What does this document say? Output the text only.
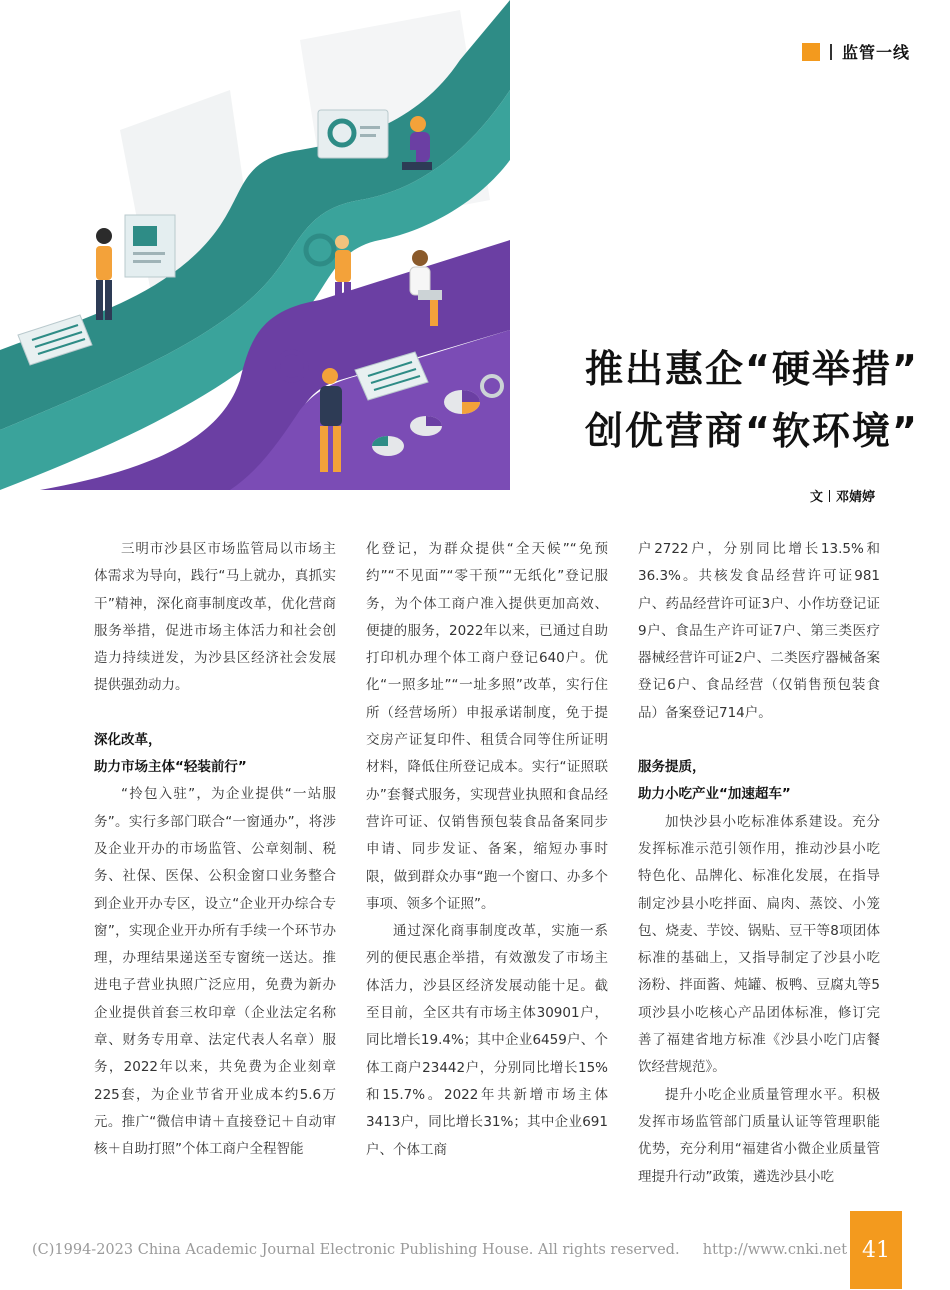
监管一线
推出惠企“硬举措”
创优营商“软环境”
文 邓婧婷

三明市沙县区市场监管局以市场主体需求为导向，践行“马上就办，真抓实干”精神，深化商事制度改革，优化营商服务举措，促进市场主体活力和社会创造力持续迸发，为沙县区经济社会发展提供强劲动力。

深化改革，
助力市场主体“轻装前行”

“拎包入驻”，为企业提供“一站服务”。实行多部门联合“一窗通办”，将涉及企业开办的市场监管、公章刻制、税务、社保、医保、公积金窗口业务整合到企业开办专区，设立“企业开办综合专窗”，实现企业开办所有手续一个环节办理，办理结果递送至专窗统一送达。推进电子营业执照广泛应用，免费为新办企业提供首套三枚印章（企业法定名称章、财务专用章、法定代表人名章）服务，2022年以来，共免费为企业刻章225套，为企业节省开业成本约5.6万元。推广“微信申请＋直接登记＋自动审核＋自助打照”个体工商户全程智能

化登记，为群众提供“全天候”“免预约”“不见面”“零干预”“无纸化”登记服务，为个体工商户准入提供更加高效、便捷的服务，2022年以来，已通过自助打印机办理个体工商户登记640户。优化“一照多址”“一址多照”改革，实行住所（经营场所）申报承诺制度，免于提交房产证复印件、租赁合同等住所证明材料，降低住所登记成本。实行“证照联办”套餐式服务，实现营业执照和食品经营许可证、仅销售预包装食品备案同步申请、同步发证、备案，缩短办事时限，做到群众办事“跑一个窗口、办多个事项、领多个证照”。

通过深化商事制度改革，实施一系列的便民惠企举措，有效激发了市场主体活力，沙县区经济发展动能十足。截至目前，全区共有市场主体30901户，同比增长19.4%；其中企业6459户、个体工商户23442户，分别同比增长15%和15.7%。2022年共新增市场主体3413户，同比增长31%；其中企业691户、个体工商

户2722户，分别同比增长13.5%和36.3%。共核发食品经营许可证981户、药品经营许可证3户、小作坊登记证9户、食品生产许可证7户、第三类医疗器械经营许可证2户、二类医疗器械备案登记6户、食品经营（仅销售预包装食品）备案登记714户。

服务提质，
助力小吃产业“加速超车”

加快沙县小吃标准体系建设。充分发挥标准示范引领作用，推动沙县小吃特色化、品牌化、标准化发展，在指导制定沙县小吃拌面、扁肉、蒸饺、小笼包、烧麦、芋饺、锅贴、豆干等8项团体标准的基础上，又指导制定了沙县小吃汤粉、拌面酱、炖罐、板鸭、豆腐丸等5项沙县小吃核心产品团体标准，修订完善了福建省地方标准《沙县小吃门店餐饮经营规范》。

提升小吃企业质量管理水平。积极发挥市场监管部门质量认证等管理职能优势，充分利用“福建省小微企业质量管理提升行动”政策，遴选沙县小吃

(C)1994-2023 China Academic Journal Electronic Publishing House. All rights reserved. http://www.cnki.net 41
